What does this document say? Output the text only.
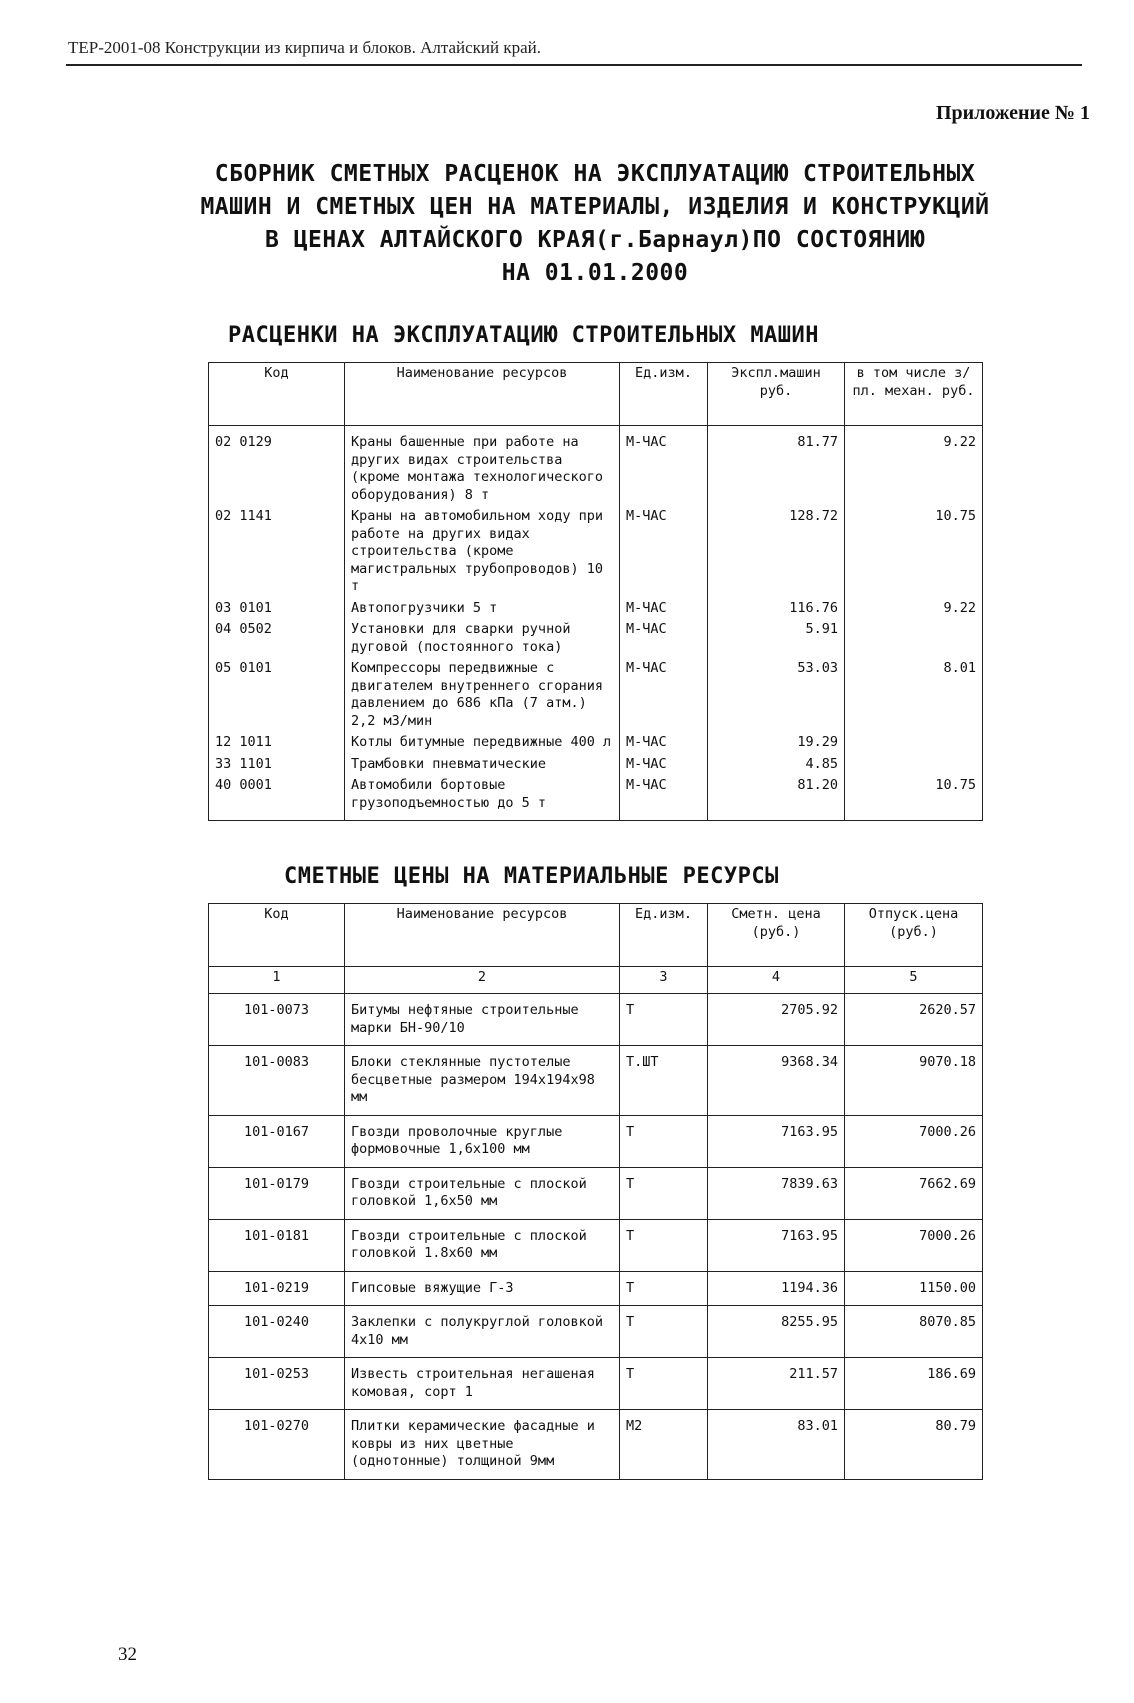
ТЕР-2001-08 Конструкции из кирпича и блоков. Алтайский край.
Приложение № 1
СБОРНИК СМЕТНЫХ РАСЦЕНОК НА ЭКСПЛУАТАЦИЮ СТРОИТЕЛЬНЫХ
МАШИН И СМЕТНЫХ ЦЕН НА МАТЕРИАЛЫ, ИЗДЕЛИЯ И КОНСТРУКЦИЙ
В ЦЕНАХ АЛТАЙСКОГО КРАЯ(г.Барнаул)ПО СОСТОЯНИЮ
НА 01.01.2000
РАСЦЕНКИ НА ЭКСПЛУАТАЦИЮ СТРОИТЕЛЬНЫХ МАШИН
Код	Наименование ресурсов	Ед.изм.	Экспл.машин руб.	в том числе з/пл. механ. руб.
02 0129	Краны башенные при работе на других видах строительства (кроме монтажа технологического оборудования) 8 т	М-ЧАС	81.77	9.22
02 1141	Краны на автомобильном ходу при работе на других видах строительства (кроме магистральных трубопроводов) 10 т	М-ЧАС	128.72	10.75
03 0101	Автопогрузчики 5 т	М-ЧАС	116.76	9.22
04 0502	Установки для сварки ручной дуговой (постоянного тока)	М-ЧАС	5.91	
05 0101	Компрессоры передвижные с двигателем внутреннего сгорания давлением до 686 кПа (7 атм.) 2,2 м3/мин	М-ЧАС	53.03	8.01
12 1011	Котлы битумные передвижные 400 л	М-ЧАС	19.29	
33 1101	Трамбовки пневматические	М-ЧАС	4.85	
40 0001	Автомобили бортовые грузоподъемностью до 5 т	М-ЧАС	81.20	10.75
СМЕТНЫЕ ЦЕНЫ НА МАТЕРИАЛЬНЫЕ РЕСУРСЫ
Код	Наименование ресурсов	Ед.изм.	Сметн. цена (руб.)	Отпуск.цена (руб.)
1	2	3	4	5
101-0073	Битумы нефтяные строительные марки БН-90/10	Т	2705.92	2620.57
101-0083	Блоки стеклянные пустотелые бесцветные размером 194х194х98 мм	Т.ШТ	9368.34	9070.18
101-0167	Гвозди проволочные круглые формовочные 1,6х100 мм	Т	7163.95	7000.26
101-0179	Гвозди строительные с плоской головкой 1,6х50 мм	Т	7839.63	7662.69
101-0181	Гвозди строительные с плоской головкой 1.8х60 мм	Т	7163.95	7000.26
101-0219	Гипсовые вяжущие Г-3	Т	1194.36	1150.00
101-0240	Заклепки с полукруглой головкой 4х10 мм	Т	8255.95	8070.85
101-0253	Известь строительная негашеная комовая, сорт 1	Т	211.57	186.69
101-0270	Плитки керамические фасадные и ковры из них цветные (однотонные) толщиной 9мм	М2	83.01	80.79
32
